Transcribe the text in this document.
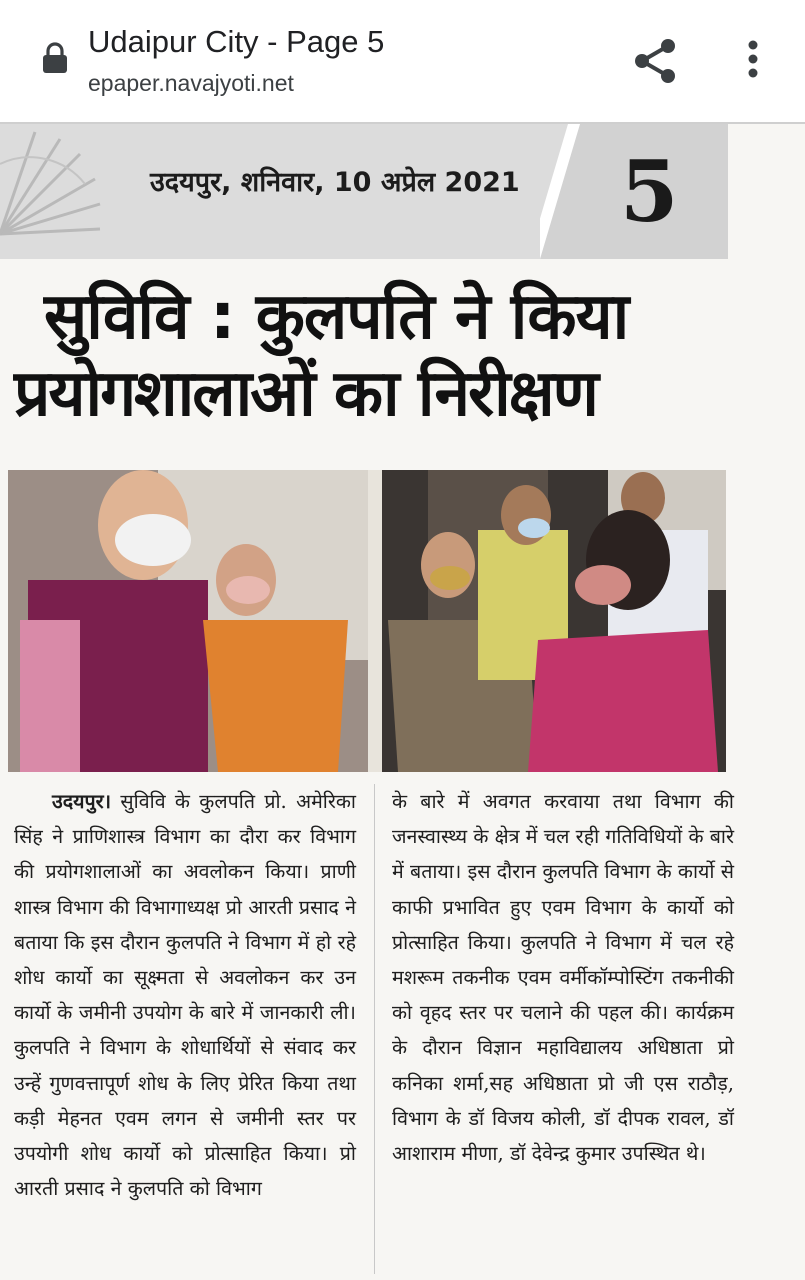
Udaipur City - Page 5
epaper.navajyoti.net
उदयपुर, शनिवार, 10 अप्रेल 2021 5
सुविवि : कुलपति ने किया
प्रयोगशालाओं का निरीक्षण
उदयपुर। सुविवि के कुलपति प्रो. अमेरिका सिंह ने प्राणिशास्त्र विभाग का दौरा कर विभाग की प्रयोगशालाओं का अवलोकन किया। प्राणी शास्त्र विभाग की विभागाध्यक्ष प्रो आरती प्रसाद ने बताया कि इस दौरान कुलपति ने विभाग में हो रहे शोध कार्यो का सूक्ष्मता से अवलोकन कर उन कार्यो के जमीनी उपयोग के बारे में जानकारी ली। कुलपति ने विभाग के शोधार्थियों से संवाद कर उन्हें गुणवत्तापूर्ण शोध के लिए प्रेरित किया तथा कड़ी मेहनत एवम लगन से जमीनी स्तर पर उपयोगी शोध कार्यो को प्रोत्साहित किया। प्रो आरती प्रसाद ने कुलपति को विभाग
के बारे में अवगत करवाया तथा विभाग की जनस्वास्थ्य के क्षेत्र में चल रही गतिविधियों के बारे में बताया। इस दौरान कुलपति विभाग के कार्यो से काफी प्रभावित हुए एवम विभाग के कार्यो को प्रोत्साहित किया। कुलपति ने विभाग में चल रहे मशरूम तकनीक एवम वर्मीकॉम्पोस्टिंग तकनीकी को वृहद स्तर पर चलाने की पहल की। कार्यक्रम के दौरान विज्ञान महाविद्यालय अधिष्ठाता प्रो कनिका शर्मा,सह अधिष्ठाता प्रो जी एस राठौड़, विभाग के डॉ विजय कोली, डॉ दीपक रावल, डॉ आशाराम मीणा, डॉ देवेन्द्र कुमार उपस्थित थे।
